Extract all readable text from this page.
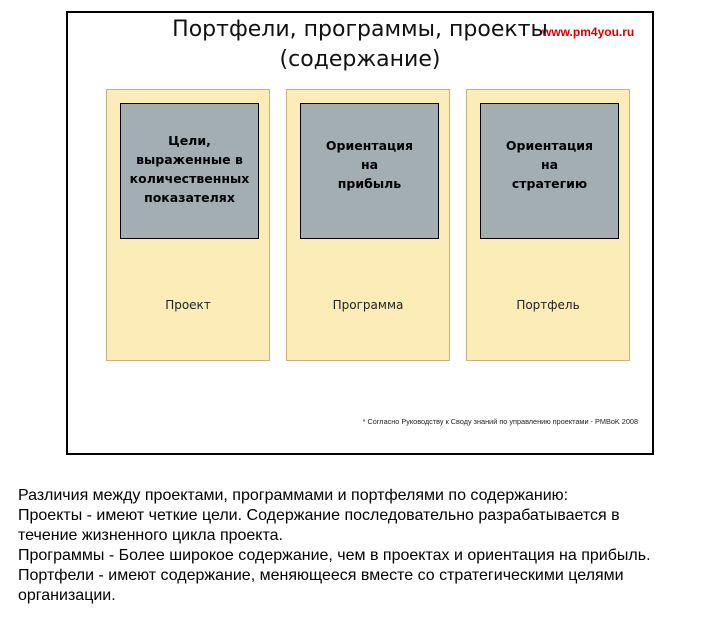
Портфели, программы, проекты
(содержание)
www.pm4you.ru
Цели,
выраженные в
количественных
показателях
Проект
Ориентация
на
прибыль
Программа
Ориентация
на
стратегию
Портфель
* Согласно Руководству к Своду знаний по управлению проектами - PMBoK 2008
Различия между проектами, программами и портфелями по содержанию:
Проекты - имеют четкие цели. Содержание последовательно разрабатывается в
течение жизненного цикла проекта.
Программы - Более широкое содержание, чем в проектах и ориентация на прибыль.
Портфели - имеют содержание, меняющееся вместе со стратегическими целями
организации.
